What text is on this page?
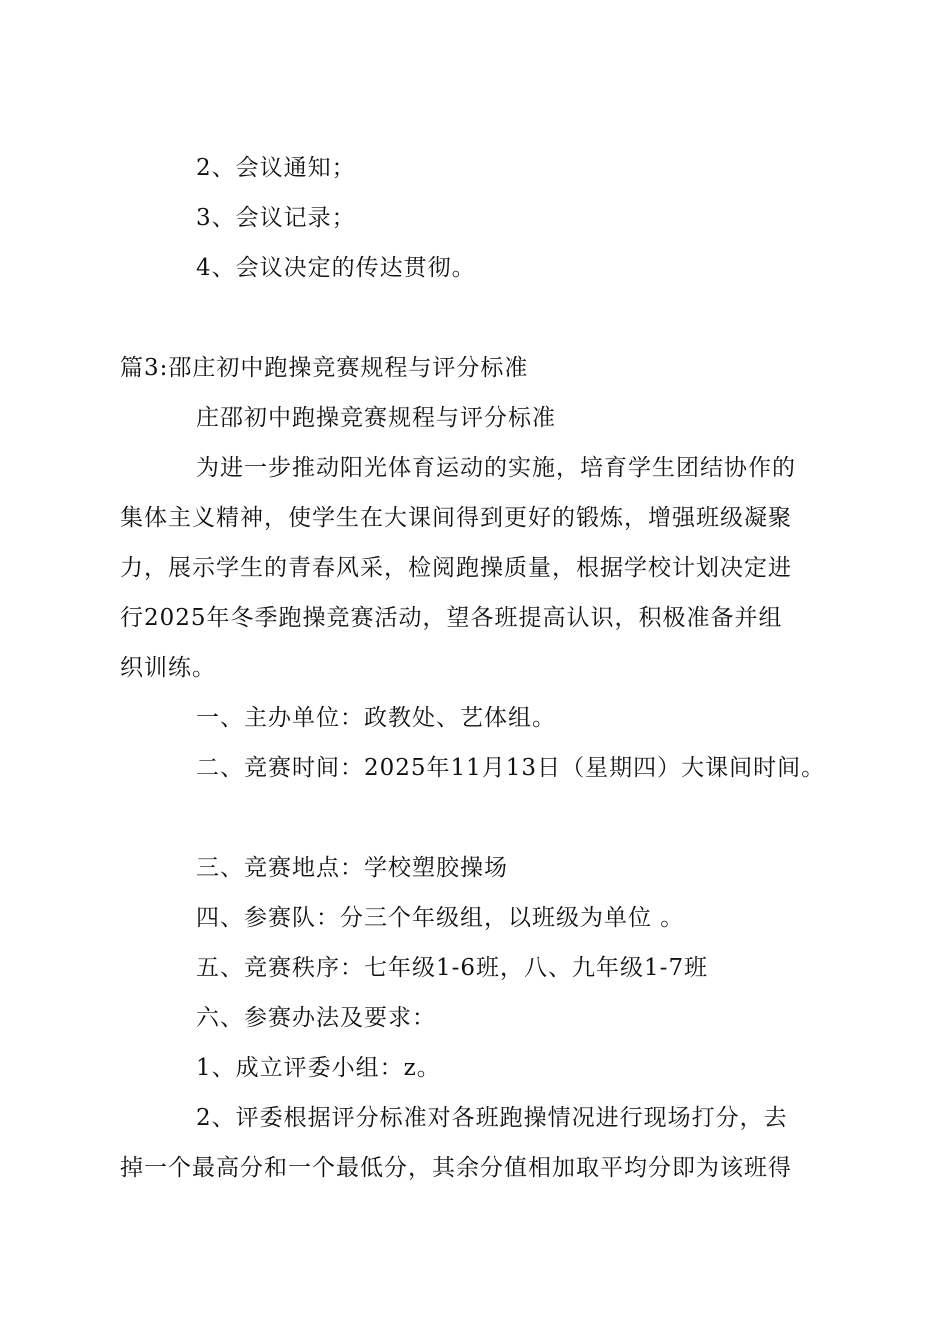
2、会议通知；
3、会议记录；
4、会议决定的传达贯彻。
篇3:邵庄初中跑操竞赛规程与评分标准
庄邵初中跑操竞赛规程与评分标准
为进一步推动阳光体育运动的实施，培育学生团结协作的
集体主义精神，使学生在大课间得到更好的锻炼，增强班级凝聚
力，展示学生的青春风采，检阅跑操质量，根据学校计划决定进
行2025年冬季跑操竞赛活动，望各班提高认识，积极准备并组
织训练。
一、主办单位：政教处、艺体组。
二、竞赛时间：2025年11月13日（星期四）大课间时间。
三、竞赛地点：学校塑胶操场
四、参赛队：分三个年级组，以班级为单位 。
五、竞赛秩序：七年级1-6班，八、九年级1-7班
六、参赛办法及要求：
1、成立评委小组：z。
2、评委根据评分标准对各班跑操情况进行现场打分，去
掉一个最高分和一个最低分，其余分值相加取平均分即为该班得
